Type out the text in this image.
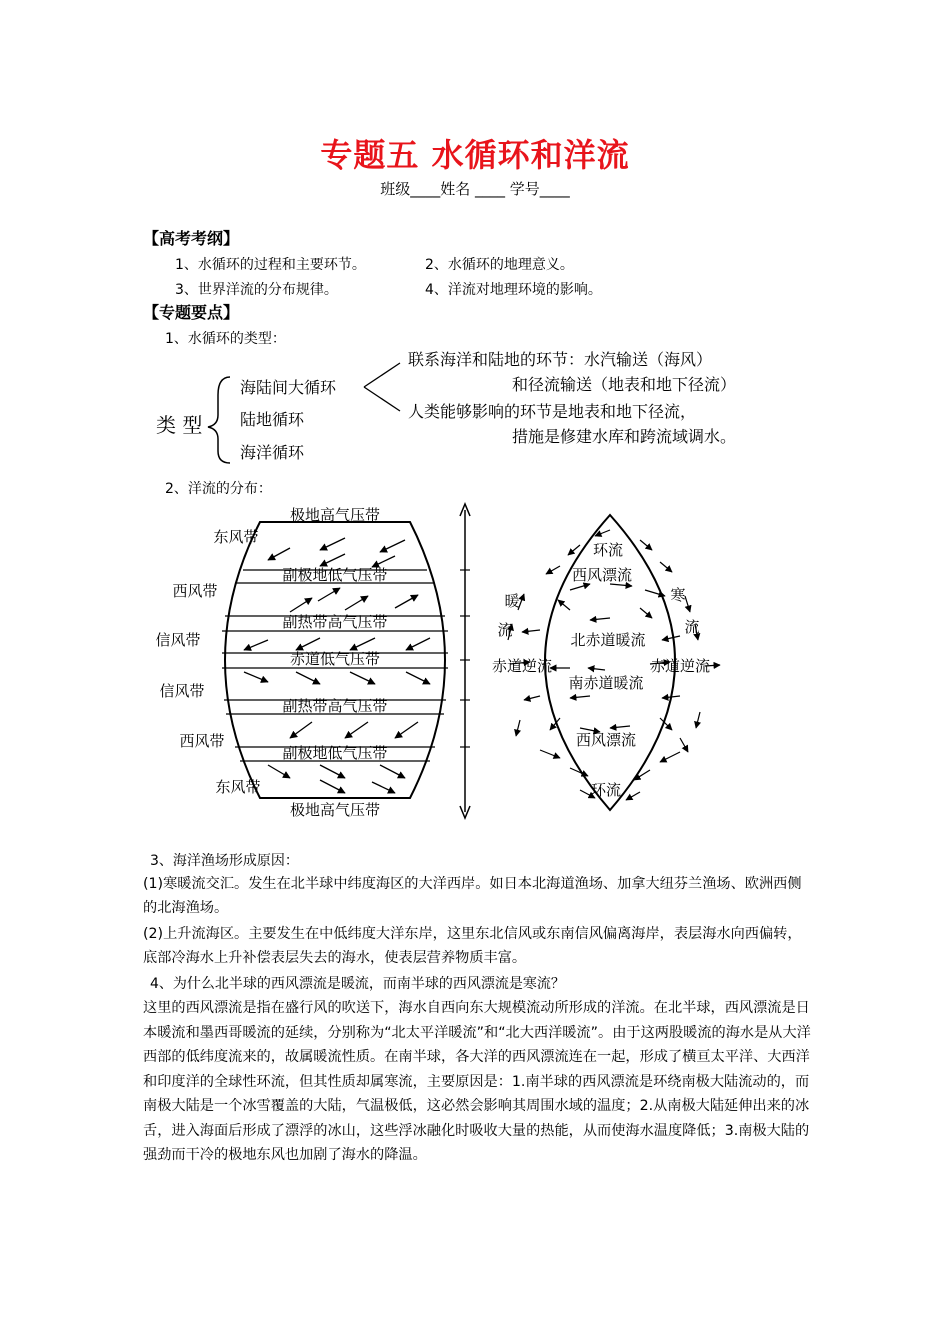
专题五 水循环和洋流
班级____姓名 ____ 学号____
【高考考纲】
1、水循环的过程和主要环节。	2、水循环的地理意义。
3、世界洋流的分布规律。	4、洋流对地理环境的影响。
【专题要点】
1、水循环的类型：
类 型
海陆间大循环
陆地循环
海洋循环
联系海洋和陆地的环节：水汽输送（海风）
和径流输送（地表和地下径流）
人类能够影响的环节是地表和地下径流，
措施是修建水库和跨流域调水。
2、洋流的分布：
极地高气压带
副极地低气压带
副热带高气压带
赤道低气压带
副热带高气压带
副极地低气压带
极地高气压带
东风带
西风带
信风带
信风带
西风带
东风带
环流
西风漂流
暖	寒
流	流
北赤道暖流
赤道逆流	赤道逆流
南赤道暖流
西风漂流
环流
3、海洋渔场形成原因：
(1)寒暖流交汇。发生在北半球中纬度海区的大洋西岸。如日本北海道渔场、加拿大纽芬兰渔场、欧洲西侧的北海渔场。
(2)上升流海区。主要发生在中低纬度大洋东岸，这里东北信风或东南信风偏离海岸，表层海水向西偏转，底部冷海水上升补偿表层失去的海水，使表层营养物质丰富。
4、为什么北半球的西风漂流是暖流，而南半球的西风漂流是寒流？
这里的西风漂流是指在盛行风的吹送下，海水自西向东大规模流动所形成的洋流。在北半球，西风漂流是日本暖流和墨西哥暖流的延续，分别称为“北太平洋暖流”和“北大西洋暖流”。由于这两股暖流的海水是从大洋西部的低纬度流来的，故属暖流性质。在南半球，各大洋的西风漂流连在一起，形成了横亘太平洋、大西洋和印度洋的全球性环流，但其性质却属寒流，主要原因是：1.南半球的西风漂流是环绕南极大陆流动的，而南极大陆是一个冰雪覆盖的大陆，气温极低，这必然会影响其周围水域的温度；2.从南极大陆延伸出来的冰舌，进入海面后形成了漂浮的冰山，这些浮冰融化时吸收大量的热能，从而使海水温度降低；3.南极大陆的强劲而干冷的极地东风也加剧了海水的降温。
